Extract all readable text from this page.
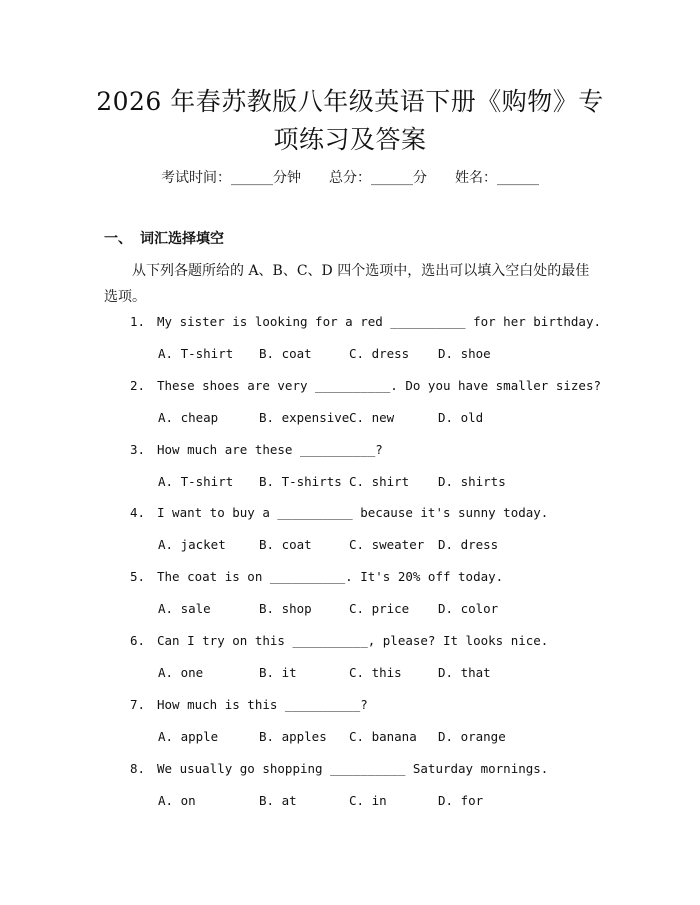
2026 年春苏教版八年级英语下册《购物》专
项练习及答案
考试时间：______分钟 总分：______分 姓名：______
一、 词汇选择填空
从下列各题所给的 A、B、C、D 四个选项中，选出可以填入空白处的最佳选项。
1. My sister is looking for a red __________ for her birthday.
A. T-shirt B. coat	C. dress D. shoe
2. These shoes are very __________. Do you have smaller sizes?
A. cheap	B. expensive C. new	D. old
3. How much are these __________?
A. T-shirt B. T-shirts C. shirt D. shirts
4. I want to buy a __________ because it's sunny today.
A. jacket	B. coat	C. sweater D. dress
5. The coat is on __________. It's 20% off today.
A. sale	B. shop	C. price D. color
6. Can I try on this __________, please? It looks nice.
A. one	B. it	C. this	D. that
7. How much is this __________?
A. apple	B. apples C. banana D. orange
8. We usually go shopping __________ Saturday mornings.
A. on	B. at	C. in	D. for
